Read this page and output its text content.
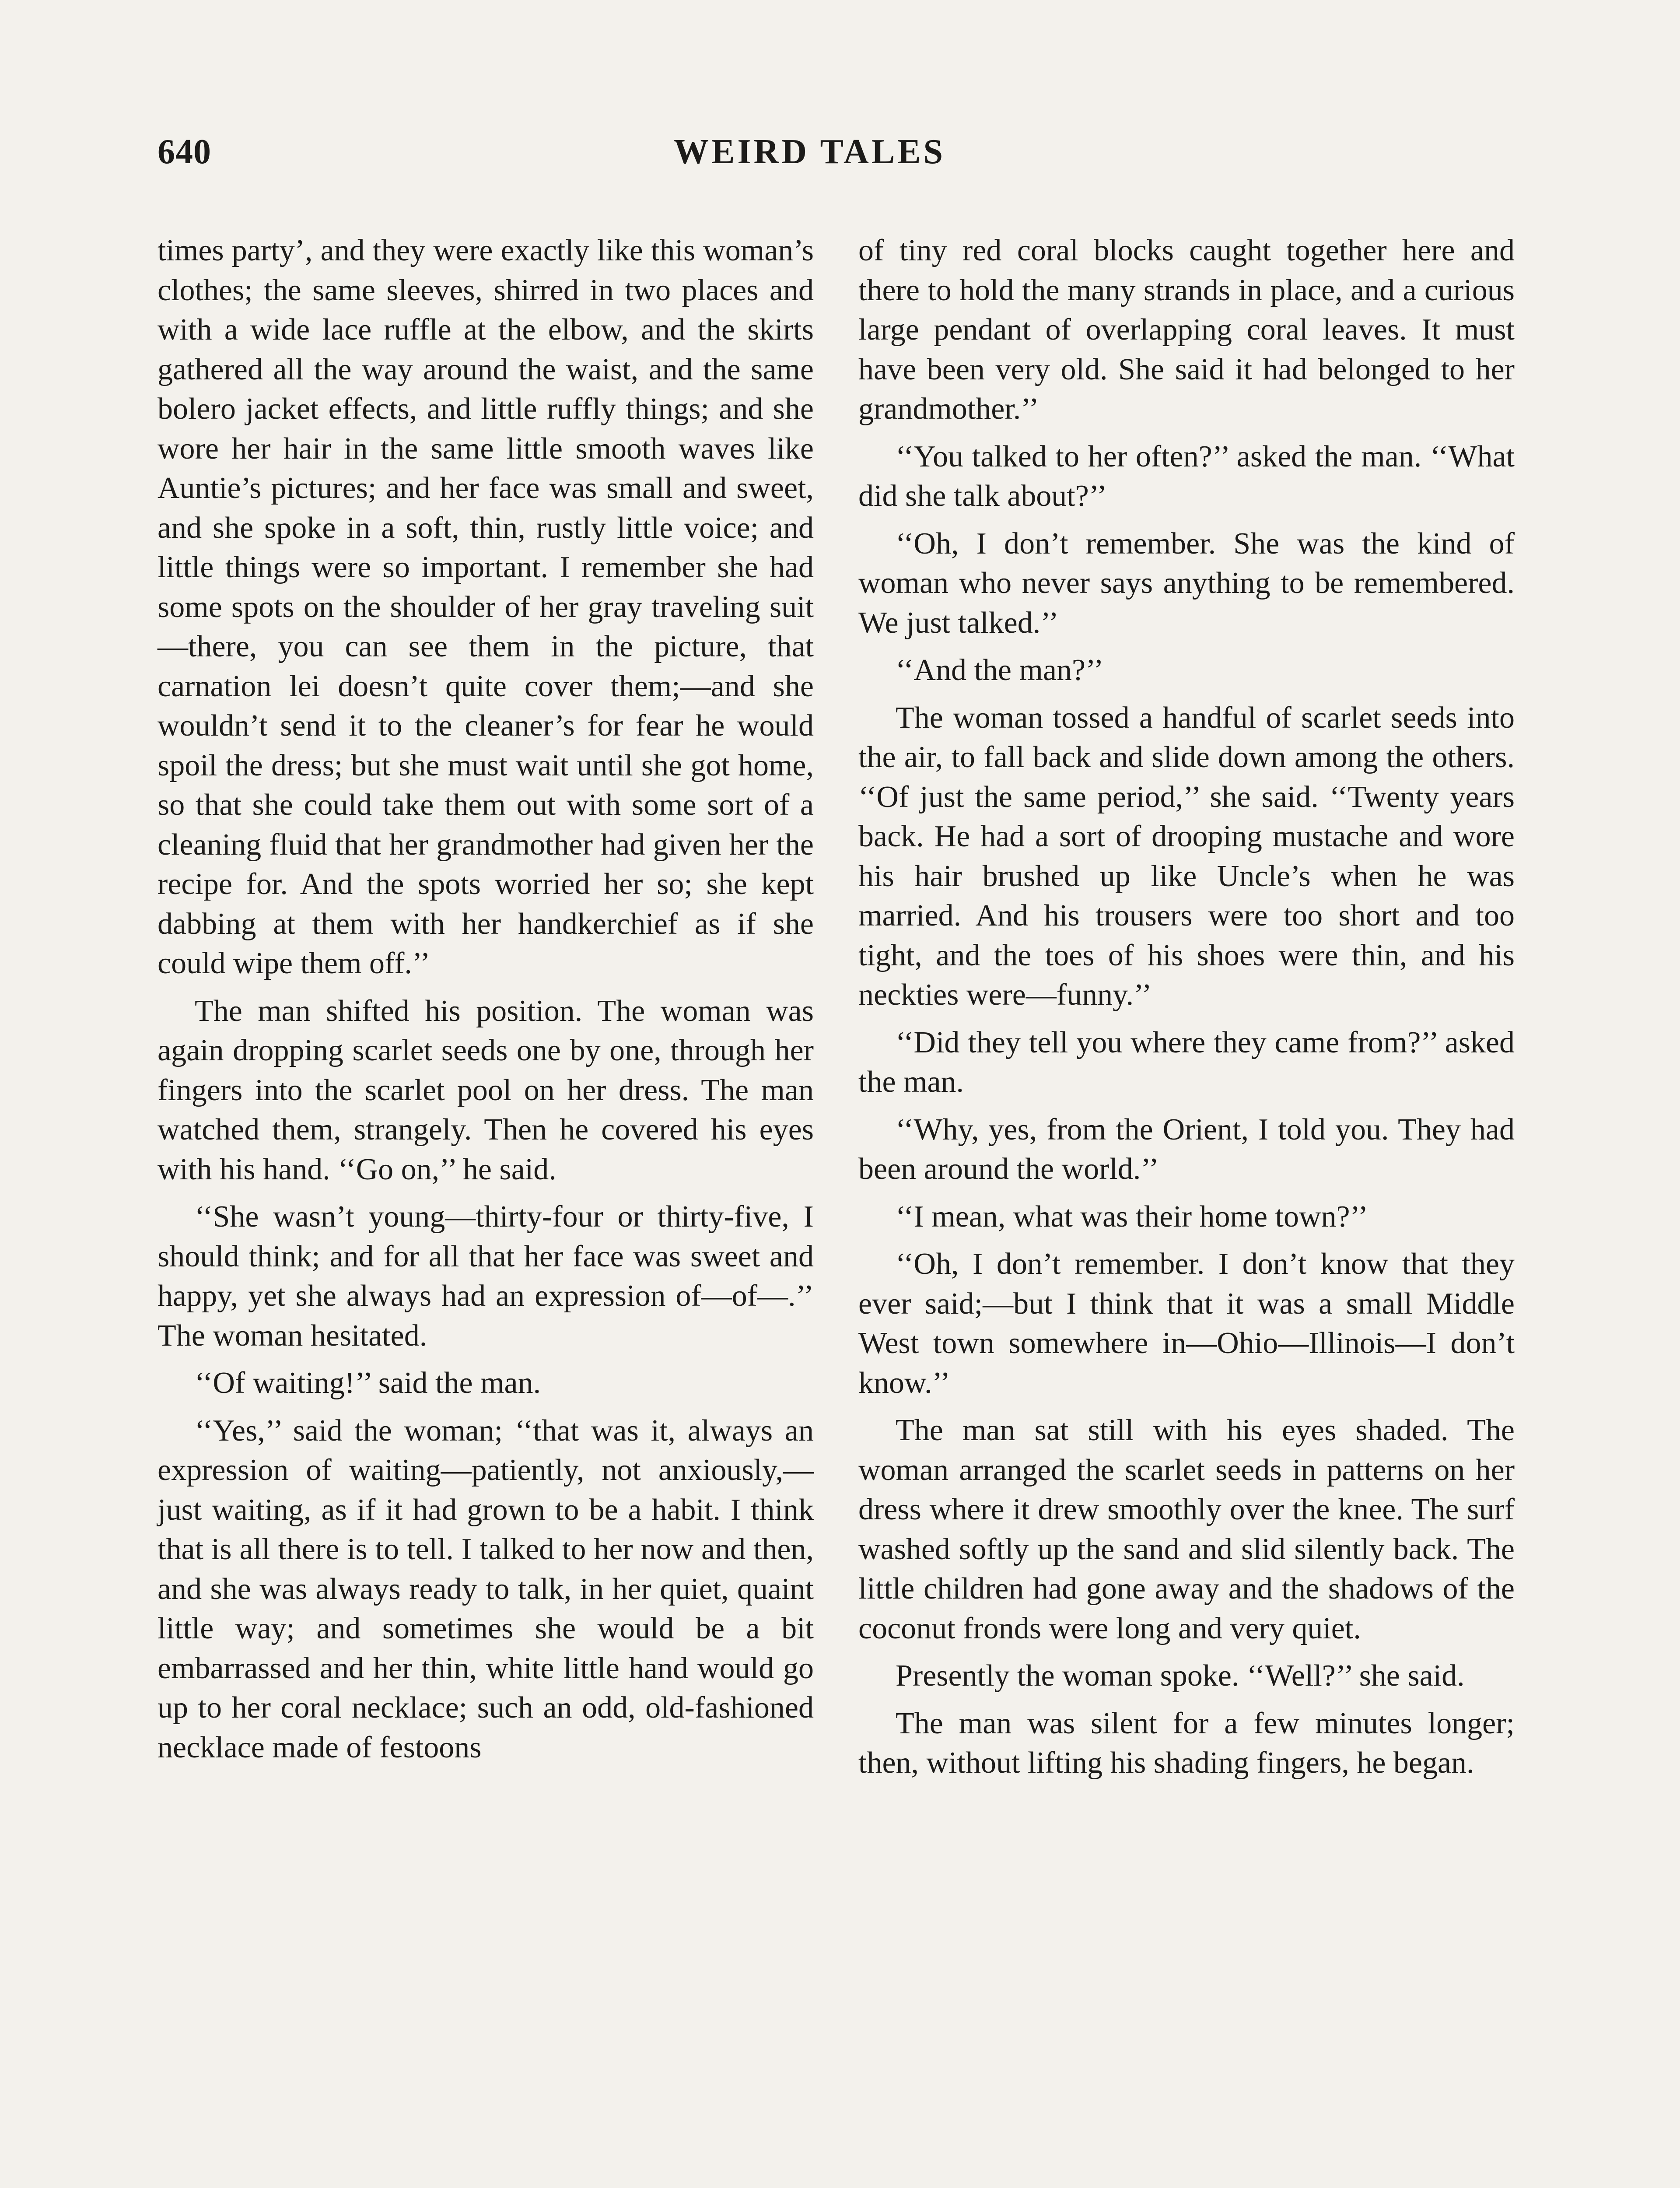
640	WEIRD TALES

times party’, and they were exactly like this woman’s clothes; the same sleeves, shirred in two places and with a wide lace ruffle at the elbow, and the skirts gathered all the way around the waist, and the same bolero jacket effects, and little ruffly things; and she wore her hair in the same little smooth waves like Auntie’s pictures; and her face was small and sweet, and she spoke in a soft, thin, rustly little voice; and little things were so important. I remember she had some spots on the shoulder of her gray traveling suit—there, you can see them in the picture, that carnation lei doesn’t quite cover them;—and she wouldn’t send it to the cleaner’s for fear he would spoil the dress; but she must wait until she got home, so that she could take them out with some sort of a cleaning fluid that her grandmother had given her the recipe for. And the spots worried her so; she kept dabbing at them with her handkerchief as if she could wipe them off.’’

The man shifted his position. The woman was again dropping scarlet seeds one by one, through her fingers into the scarlet pool on her dress. The man watched them, strangely. Then he covered his eyes with his hand. ‘‘Go on,’’ he said.

‘‘She wasn’t young—thirty-four or thirty-five, I should think; and for all that her face was sweet and happy, yet she always had an expression of—of—.’’ The woman hesitated.

‘‘Of waiting!’’ said the man.

‘‘Yes,’’ said the woman; ‘‘that was it, always an expression of waiting—patiently, not anxiously,—just waiting, as if it had grown to be a habit. I think that is all there is to tell. I talked to her now and then, and she was always ready to talk, in her quiet, quaint little way; and sometimes she would be a bit embarrassed and her thin, white little hand would go up to her coral necklace; such an odd, old-fashioned necklace made of festoons

of tiny red coral blocks caught together here and there to hold the many strands in place, and a curious large pendant of overlapping coral leaves. It must have been very old. She said it had belonged to her grandmother.’’

‘‘You talked to her often?’’ asked the man. ‘‘What did she talk about?’’

‘‘Oh, I don’t remember. She was the kind of woman who never says anything to be remembered. We just talked.’’

‘‘And the man?’’

The woman tossed a handful of scarlet seeds into the air, to fall back and slide down among the others. ‘‘Of just the same period,’’ she said. ‘‘Twenty years back. He had a sort of drooping mustache and wore his hair brushed up like Uncle’s when he was married. And his trousers were too short and too tight, and the toes of his shoes were thin, and his neckties were—funny.’’

‘‘Did they tell you where they came from?’’ asked the man.

‘‘Why, yes, from the Orient, I told you. They had been around the world.’’

‘‘I mean, what was their home town?’’

‘‘Oh, I don’t remember. I don’t know that they ever said;—but I think that it was a small Middle West town somewhere in—Ohio—Illinois—I don’t know.’’

The man sat still with his eyes shaded. The woman arranged the scarlet seeds in patterns on her dress where it drew smoothly over the knee. The surf washed softly up the sand and slid silently back. The little children had gone away and the shadows of the coconut fronds were long and very quiet.

Presently the woman spoke. ‘‘Well?’’ she said.

The man was silent for a few minutes longer; then, without lifting his shading fingers, he began.
